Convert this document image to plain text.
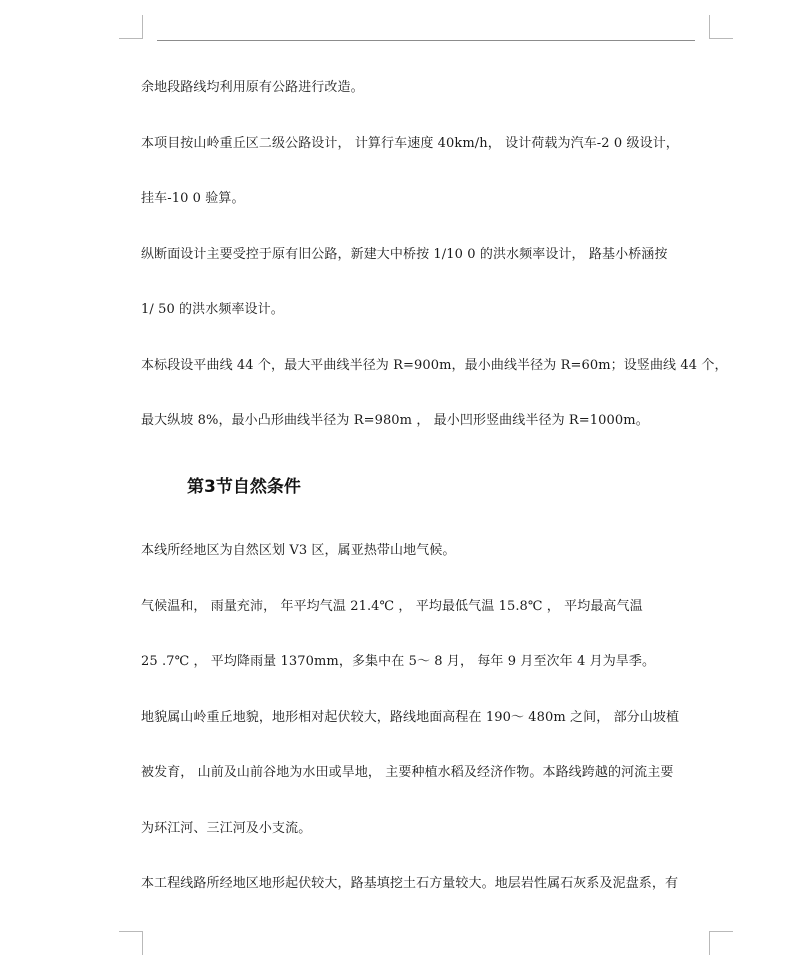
余地段路线均利用原有公路进行改造。
本项目按山岭重丘区二级公路设计， 计算行车速度 40km/h， 设计荷载为汽车-2 0 级设计，
挂车-10 0 验算。
纵断面设计主要受控于原有旧公路，新建大中桥按 1/10 0 的洪水频率设计， 路基小桥涵按
1/ 50 的洪水频率设计。
本标段设平曲线 44 个，最大平曲线半径为 R=900m，最小曲线半径为 R=60m；设竖曲线 44 个，
最大纵坡 8%，最小凸形曲线半径为 R=980m ， 最小凹形竖曲线半径为 R=1000m。
第3节自然条件
本线所经地区为自然区划 V3 区，属亚热带山地气候。
气候温和， 雨量充沛， 年平均气温 21.4℃ ， 平均最低气温 15.8℃ ， 平均最高气温
25 .7℃ ， 平均降雨量 1370mm，多集中在 5～ 8 月， 每年 9 月至次年 4 月为旱季。
地貌属山岭重丘地貌，地形相对起伏较大，路线地面高程在 190～ 480m 之间， 部分山坡植
被发育， 山前及山前谷地为水田或旱地， 主要种植水稻及经济作物。本路线跨越的河流主要
为环江河、三江河及小支流。
本工程线路所经地区地形起伏较大，路基填挖土石方量较大。地层岩性属石灰系及泥盘系，有
